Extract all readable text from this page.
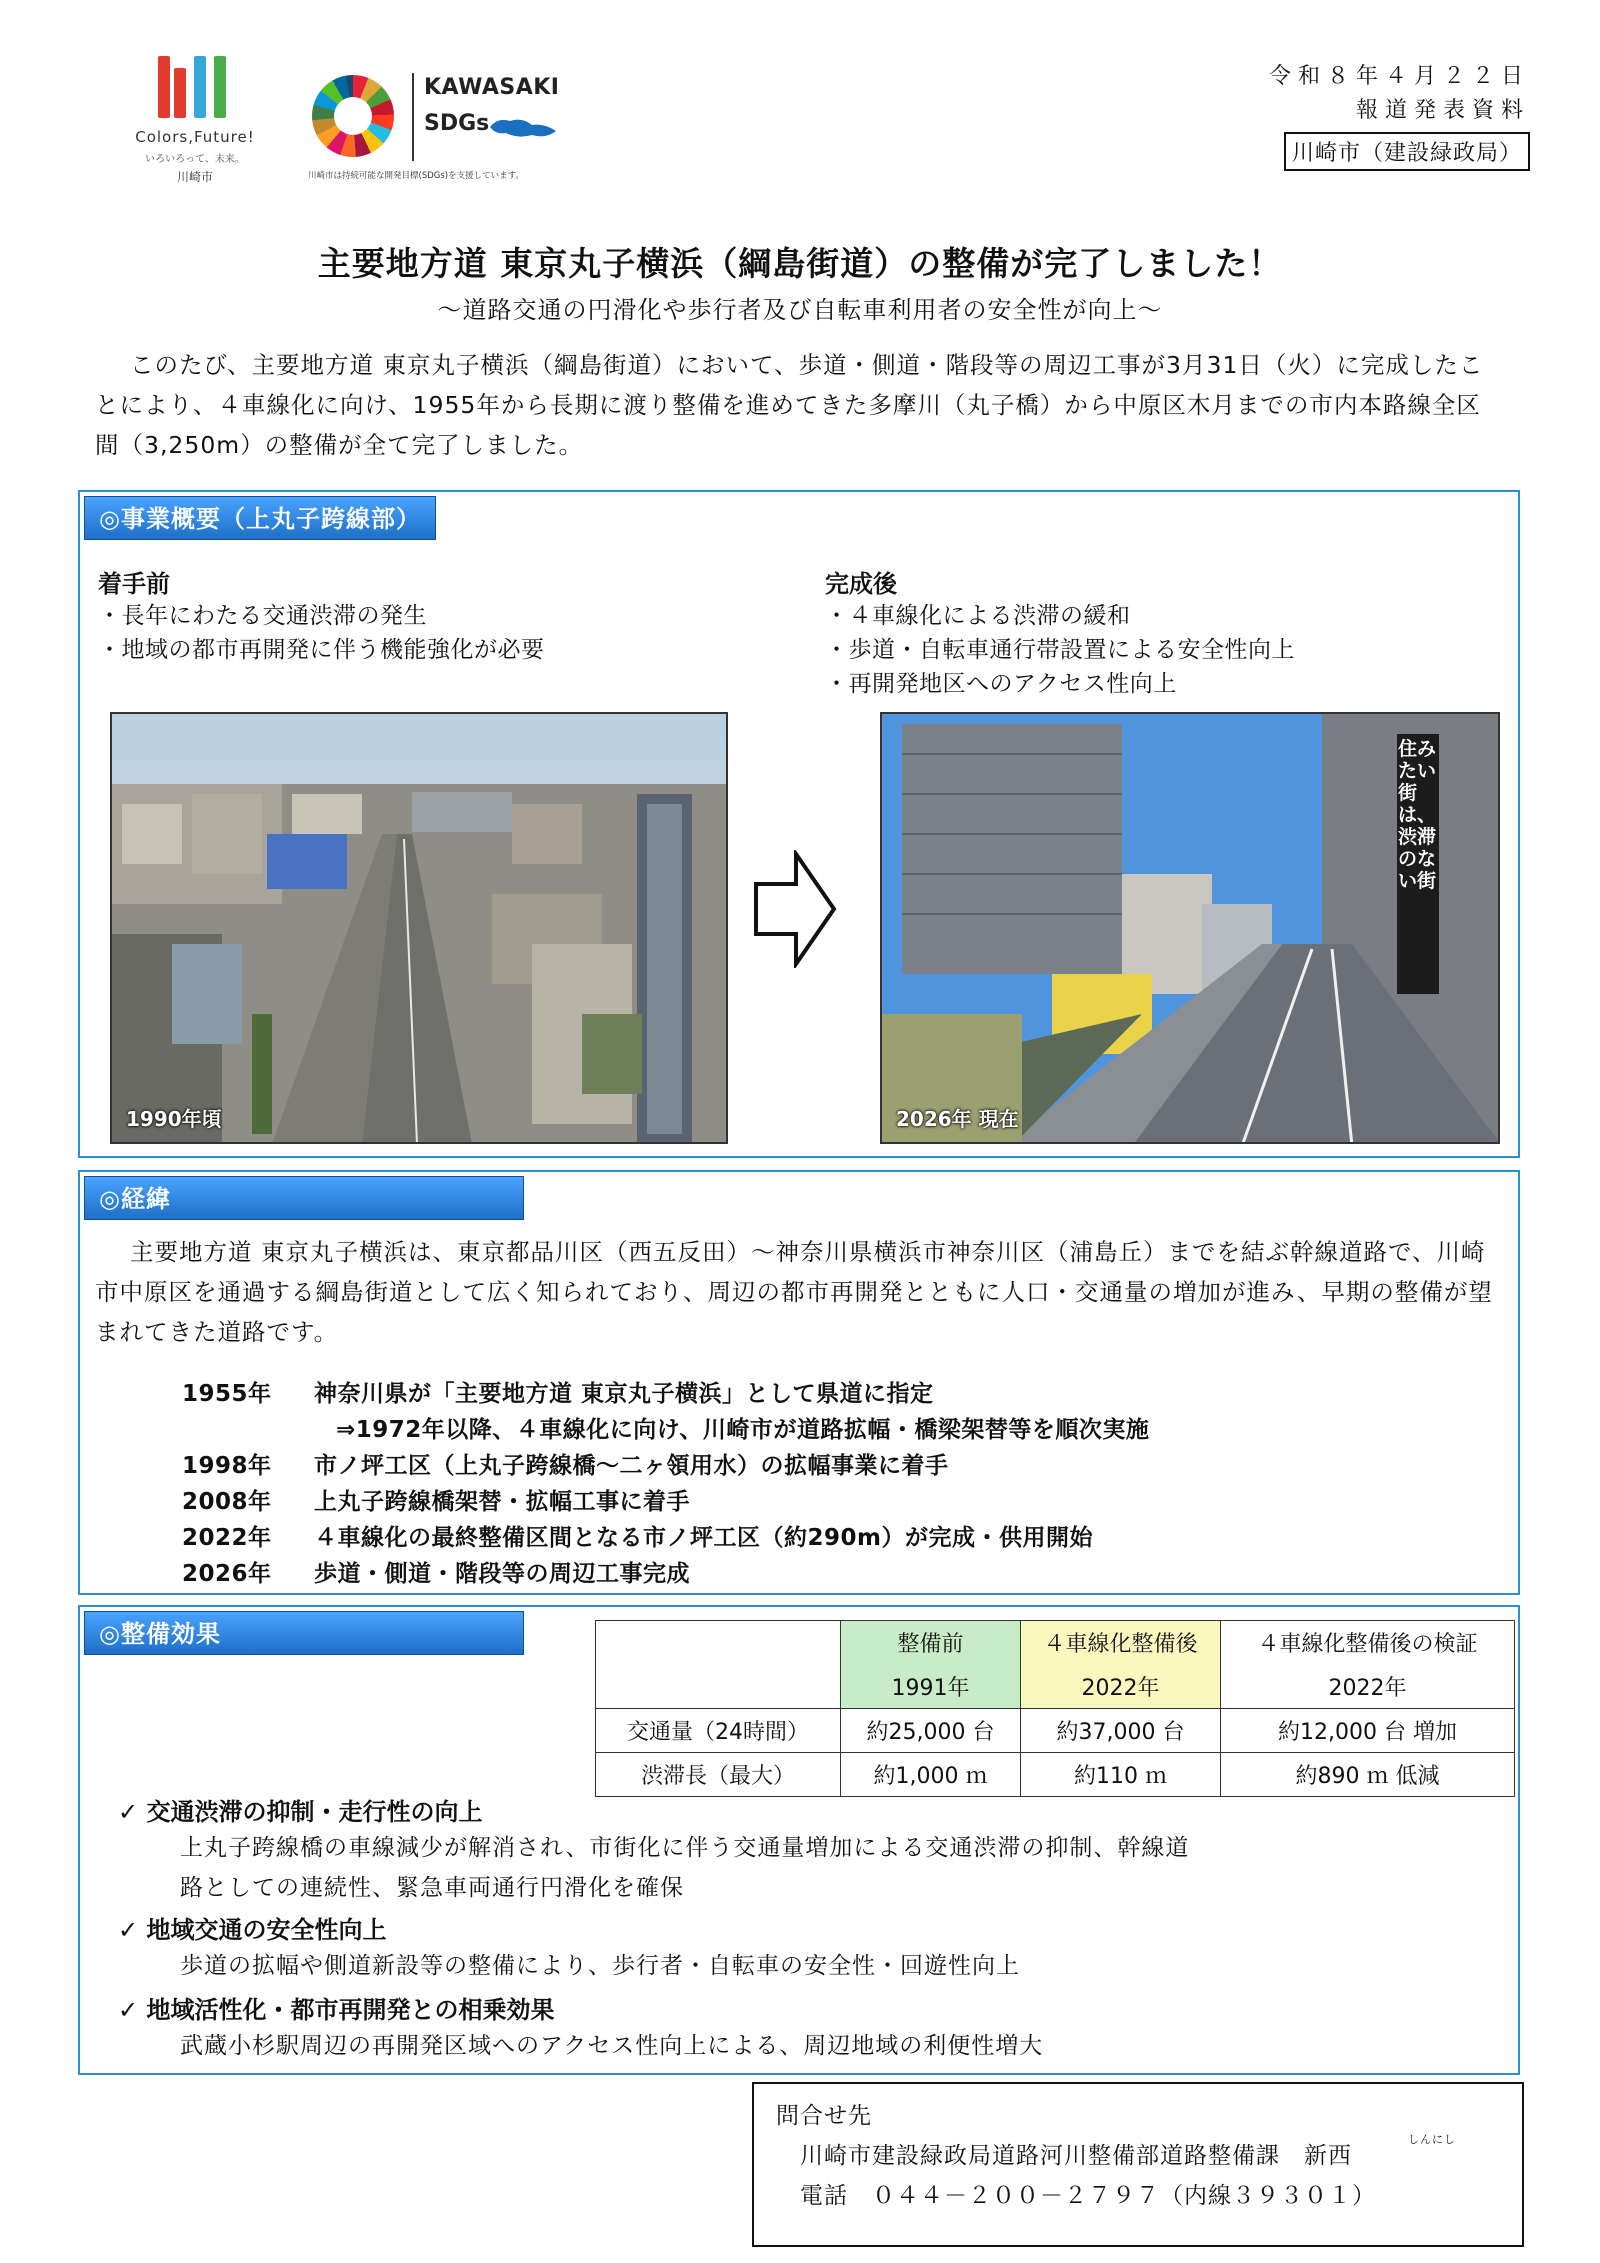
Colors,Future!
いろいろって、未来。
川崎市
KAWASAKI
SDGs
川崎市は持続可能な開発目標(SDGs)を支援しています。
令和８年４月２２日
報道発表資料
川崎市（建設緑政局）
主要地方道 東京丸子横浜（綱島街道）の整備が完了しました！
～道路交通の円滑化や歩行者及び自転車利用者の安全性が向上～
このたび、主要地方道 東京丸子横浜（綱島街道）において、歩道・側道・階段等の周辺工事が3月31日（火）に完成したことにより、４車線化に向け、1955年から長期に渡り整備を進めてきた多摩川（丸子橋）から中原区木月までの市内本路線全区間（3,250m）の整備が全て完了しました。
◎事業概要（上丸子跨線部）
着手前
・長年にわたる交通渋滞の発生
・地域の都市再開発に伴う機能強化が必要
完成後
・４車線化による渋滞の緩和
・歩道・自転車通行帯設置による安全性向上
・再開発地区へのアクセス性向上
1990年頃
住みたい街は、渋滞のない街
2026年 現在
◎経緯
主要地方道 東京丸子横浜は、東京都品川区（西五反田）～神奈川県横浜市神奈川区（浦島丘）までを結ぶ幹線道路で、川崎市中原区を通過する綱島街道として広く知られており、周辺の都市再開発とともに人口・交通量の増加が進み、早期の整備が望まれてきた道路です。
1955年 神奈川県が「主要地方道 東京丸子横浜」として県道に指定
⇒1972年以降、４車線化に向け、川崎市が道路拡幅・橋梁架替等を順次実施
1998年 市ノ坪工区（上丸子跨線橋～二ヶ領用水）の拡幅事業に着手
2008年 上丸子跨線橋架替・拡幅工事に着手
2022年 ４車線化の最終整備区間となる市ノ坪工区（約290m）が完成・供用開始
2026年 歩道・側道・階段等の周辺工事完成
◎整備効果
		整備前	４車線化整備後	４車線化整備後の検証
	1991年	2022年	2022年
交通量（24時間）	約25,000 台	約37,000 台	約12,000 台 増加
渋滞長（最大）	約1,000 ｍ	約110 ｍ	約890 ｍ 低減
✓ 交通渋滞の抑制・走行性の向上
上丸子跨線橋の車線減少が解消され、市街化に伴う交通量増加による交通渋滞の抑制、幹線道
路としての連続性、緊急車両通行円滑化を確保
✓ 地域交通の安全性向上
歩道の拡幅や側道新設等の整備により、歩行者・自転車の安全性・回遊性向上
✓ 地域活性化・都市再開発との相乗効果
武蔵小杉駅周辺の再開発区域へのアクセス性向上による、周辺地域の利便性増大
問合せ先
川崎市建設緑政局道路河川整備部道路整備課　新西
しんにし
電話　０４４－２００－２７９７（内線３９３０１）
